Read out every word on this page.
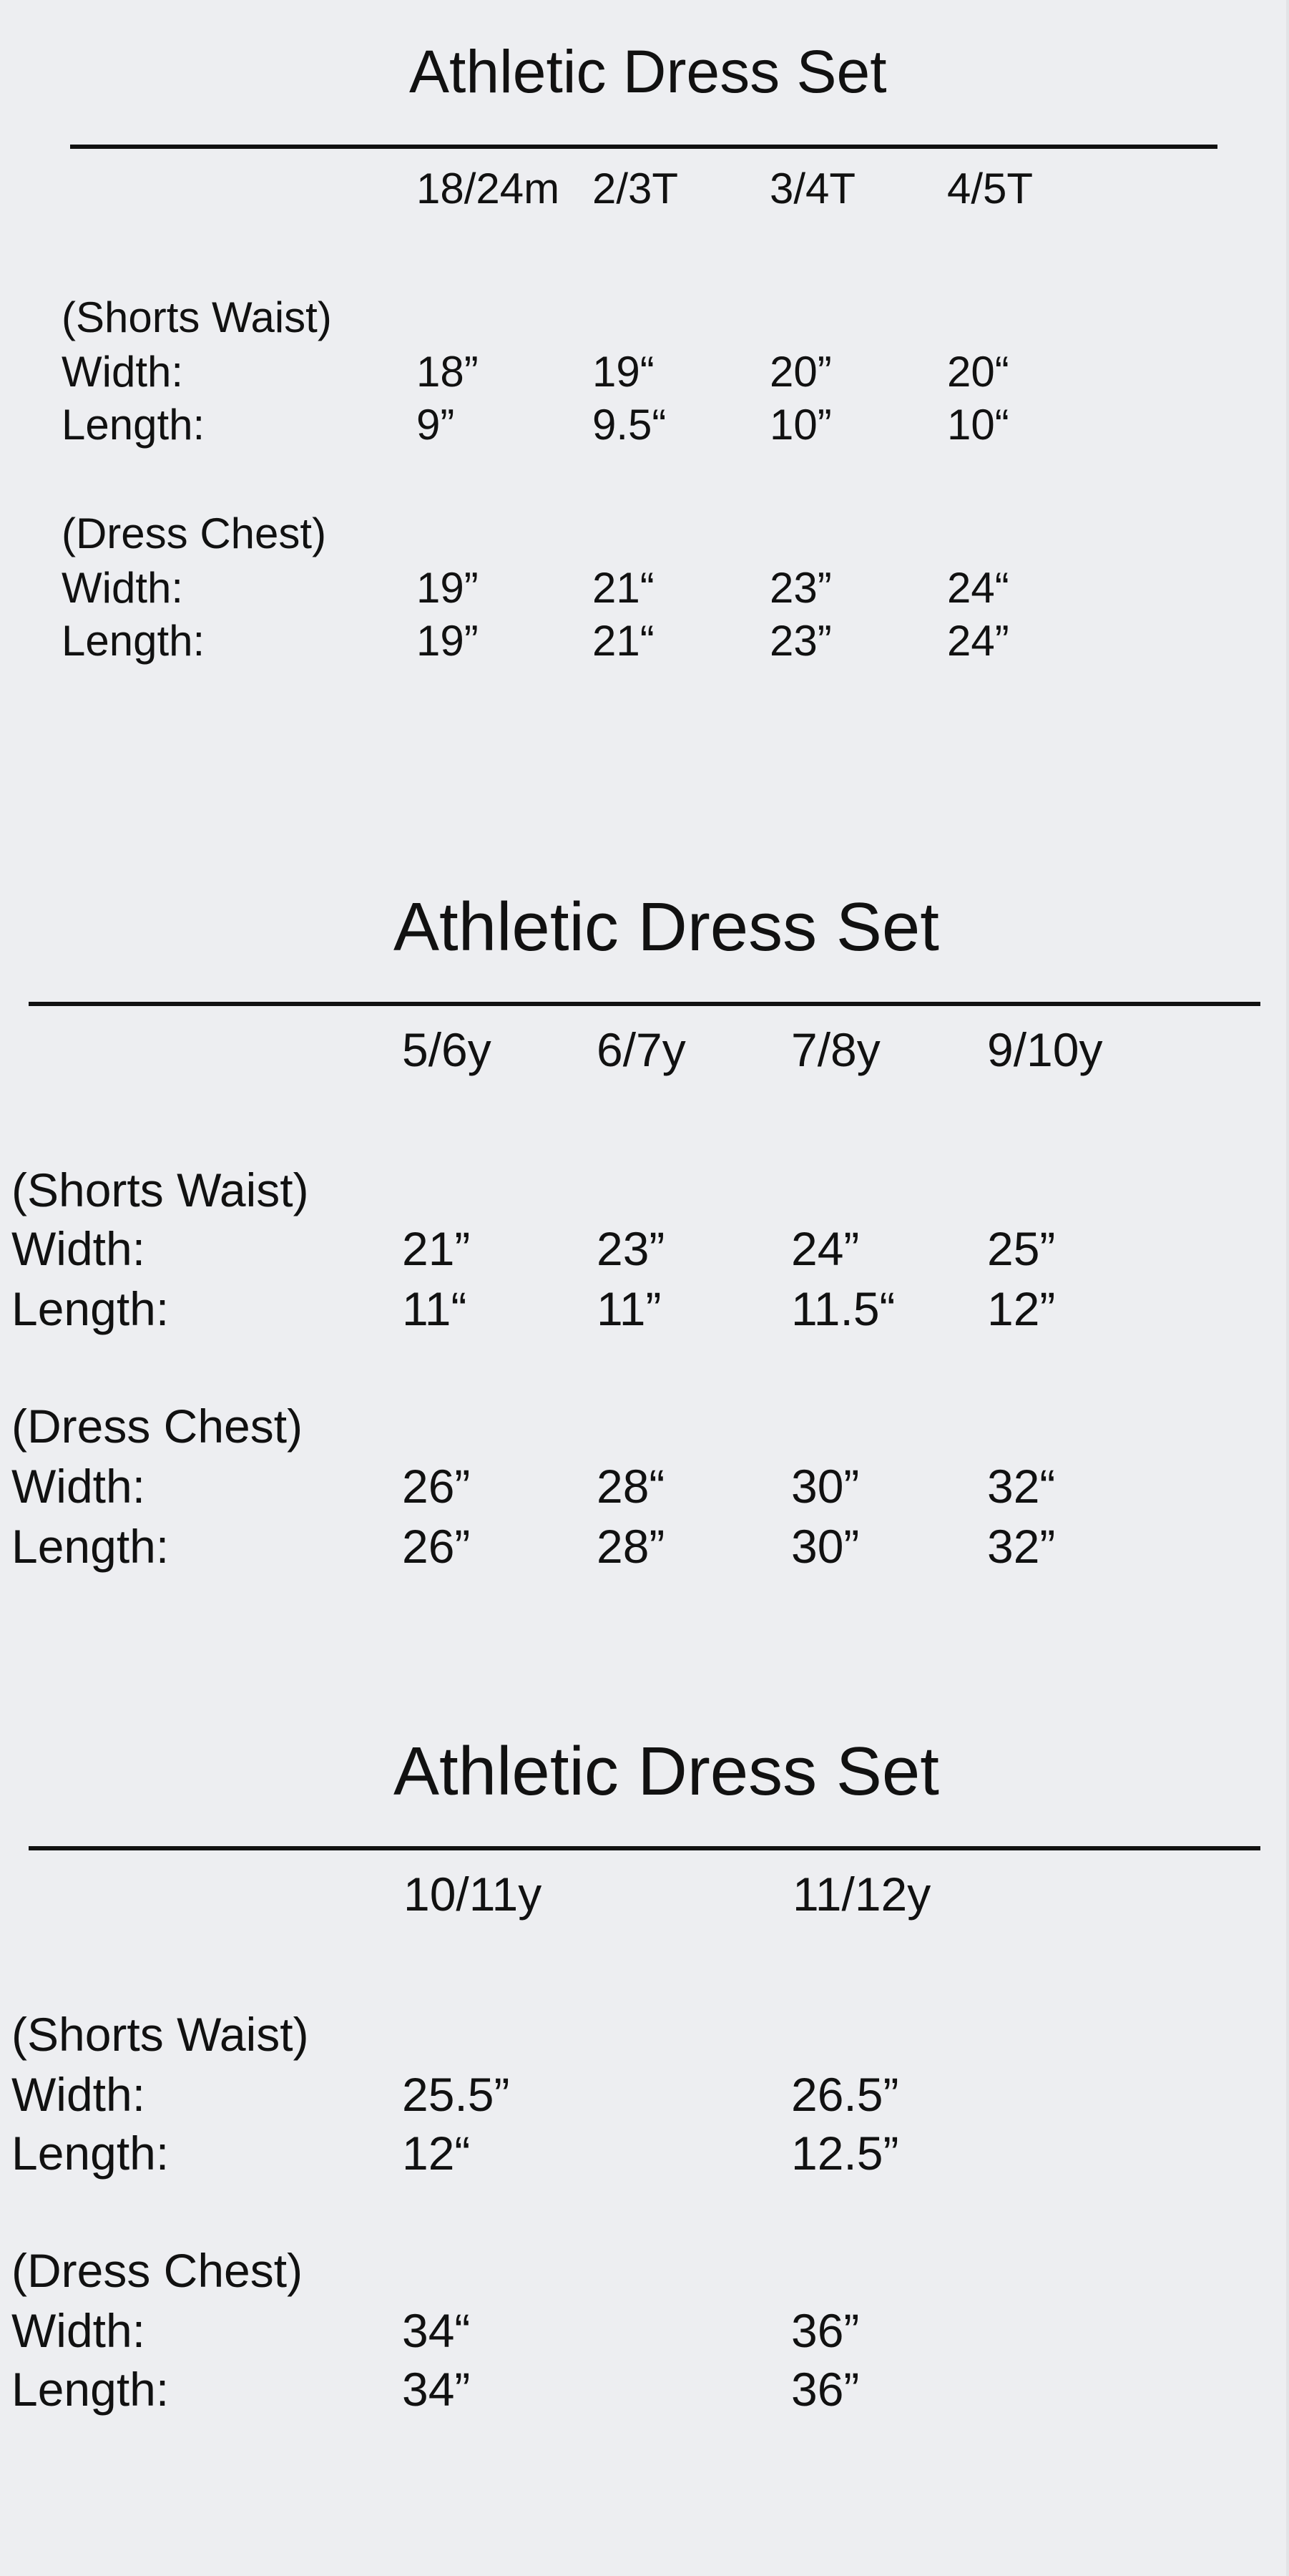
Athletic Dress Set
18/24m 2/3T 3/4T 4/5T
(Shorts Waist)
Width:	18”	19“	20”	20“
Length:	9”	9.5“ 10”	10“
(Dress Chest)
Width:	19”	21“	23”	24“
Length:	19”	21“	23”	24”
Athletic Dress Set
5/6y 6/7y 7/8y 9/10y
(Shorts Waist)
Width:	21”	23”	24”	25”
Length:	11“	11”	11.5“ 12”
(Dress Chest)
Width:	26”	28“	30”	32“
Length:	26”	28”	30”	32”
Athletic Dress Set
10/11y	11/12y
(Shorts Waist)
Width:	25.5”	26.5”
Length:	12“	12.5”
(Dress Chest)
Width:	34“	36”
Length:	34”	36”
